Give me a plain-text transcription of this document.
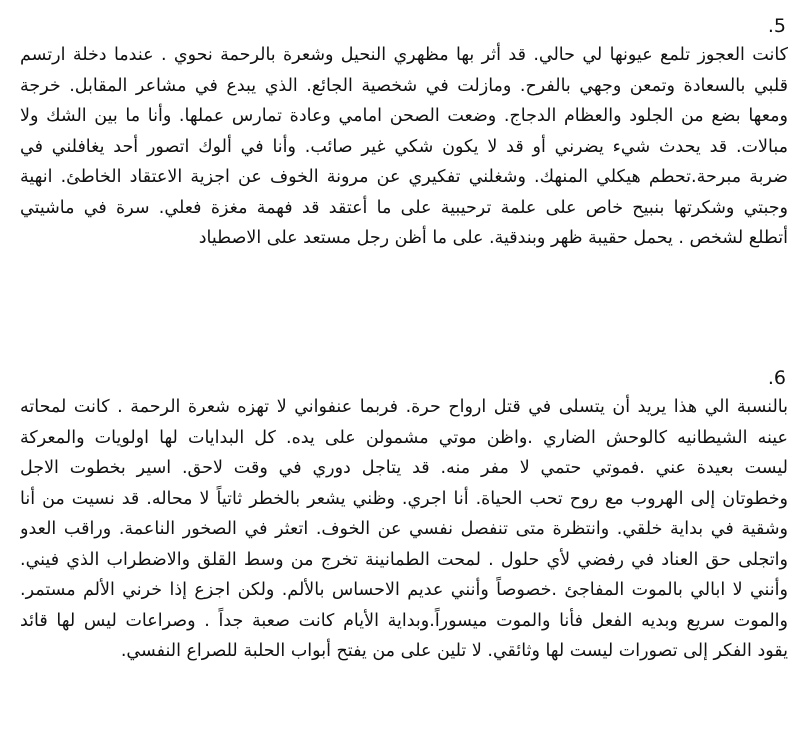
.5
كانت العجوز تلمع عيونها لي حالي. قد أثر بها مظهري النحيل وشعرة بالرحمة نحوي . عندما دخلة ارتسم
قلبي بالسعادة وتمعن وجهي بالفرح. ومازلت في شخصية الجائع. الذي يبدع في مشاعر المقابل. خرجة
ومعها بضع من الجلود والعظام الدجاج. وضعت الصحن امامي وعادة تمارس عملها. وأنا ما بين الشك ولا
مبالات. قد يحدث شيء يضرني أو قد لا يكون شكي غير صائب. وأنا في ألوك اتصور أحد يغافلني في
ضربة مبرحة.تحطم هيكلي المنهك. وشغلني تفكيري عن مرونة الخوف عن اجزية الاعتقاد الخاطئ. انهية
وجبتي وشكرتها بنبيح خاص على علمة ترحيبية على ما أعتقد قد فهمة مغزة فعلي. سرة في ماشيتي
أتطلع لشخص . يحمل حقيبة ظهر وبندقية. على ما أظن رجل مستعد على الاصطياد
.6
بالنسبة الي هذا يريد أن يتسلى في قتل ارواح حرة. فربما عنفواني لا تهزه شعرة الرحمة . كانت لمحاته
عينه الشيطانيه كالوحش الضاري .واظن موتي مشمولن على يده. كل البدايات لها اولويات والمعركة
ليست بعيدة عني .فموتي حتمي لا مفر منه. قد يتاجل دوري في وقت لاحق. اسير بخطوت الاجل
وخطوتان إلى الهروب مع روح تحب الحياة. أنا اجري. وظني يشعر بالخطر ثاتياً لا محاله. قد نسيت من أنا
وشقية في بداية خلقي. وانتظرة متى تنفصل نفسي عن الخوف. اتعثر في الصخور الناعمة. وراقب العدو
واتجلى حق العناد في رفضي لأي حلول . لمحت الطمانينة تخرج من وسط القلق والاضطراب الذي فيني.
وأنني لا ابالي بالموت المفاجئ .خصوصاً وأنني عديم الاحساس بالألم. ولكن اجزع إذا خرني الألم مستمر.
والموت سريع وبديه الفعل فأنا والموت ميسوراً.وبداية الأيام كانت صعبة جداً . وصراعات ليس لها قائد
يقود الفكر إلى تصورات ليست لها وثائقي. لا تلين على من يفتح أبواب الحلبة للصراع النفسي.
